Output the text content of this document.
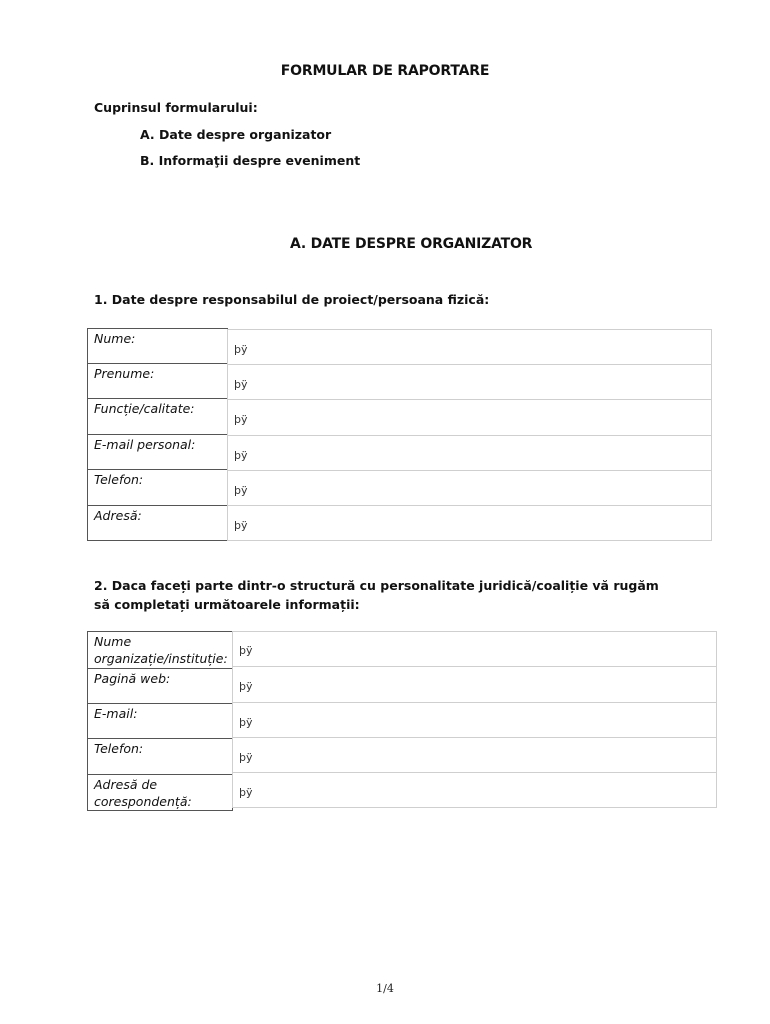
FORMULAR DE RAPORTARE
Cuprinsul formularului:
A. Date despre organizator
B. Informaţii despre eveniment
A. DATE DESPRE ORGANIZATOR
1. Date despre responsabilul de proiect/persoana fizică:
Nume:
Prenume:
Funcție/calitate:
E-mail personal:
Telefon:
Adresă:
þÿ
þÿ
þÿ
þÿ
þÿ
þÿ
2. Daca faceți parte dintr-o structură cu personalitate juridică/coaliție vă rugăm
să completați următoarele informații:
Nume
organizație/instituție:
Pagină web:
E-mail:
Telefon:
Adresă de
corespondență:
þÿ
þÿ
þÿ
þÿ
þÿ
1/4
